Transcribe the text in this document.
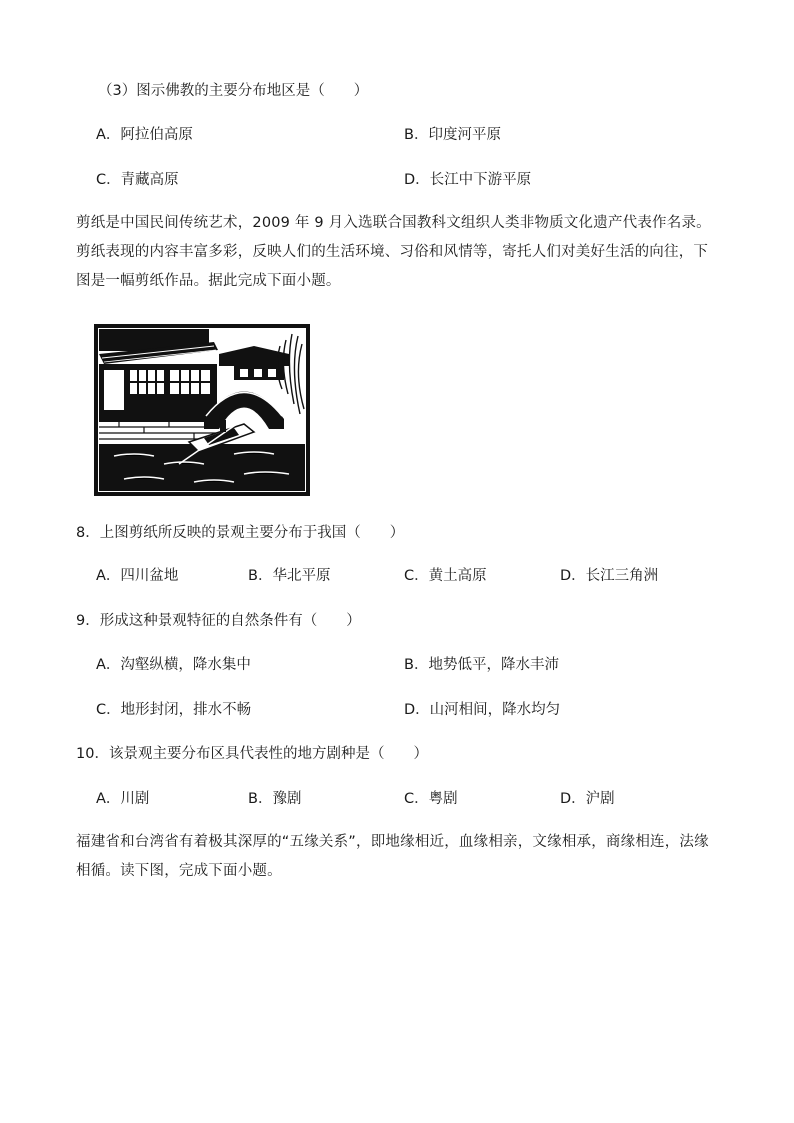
（3）图示佛教的主要分布地区是（　　）
A．阿拉伯高原	B．印度河平原
C．青藏高原	D．长江中下游平原
剪纸是中国民间传统艺术，2009 年 9 月入选联合国教科文组织人类非物质文化遗产代表作名录。剪纸表现的内容丰富多彩，反映人们的生活环境、习俗和风情等，寄托人们对美好生活的向往，下图是一幅剪纸作品。据此完成下面小题。
8．上图剪纸所反映的景观主要分布于我国（　　）
A．四川盆地	B．华北平原	C．黄土高原	D．长江三角洲
9．形成这种景观特征的自然条件有（　　）
A．沟壑纵横，降水集中	B．地势低平，降水丰沛
C．地形封闭，排水不畅	D．山河相间，降水均匀
10．该景观主要分布区具代表性的地方剧种是（　　）
A．川剧	B．豫剧	C．粤剧	D．沪剧
福建省和台湾省有着极其深厚的“五缘关系”，即地缘相近，血缘相亲，文缘相承，商缘相连，法缘相循。读下图，完成下面小题。
